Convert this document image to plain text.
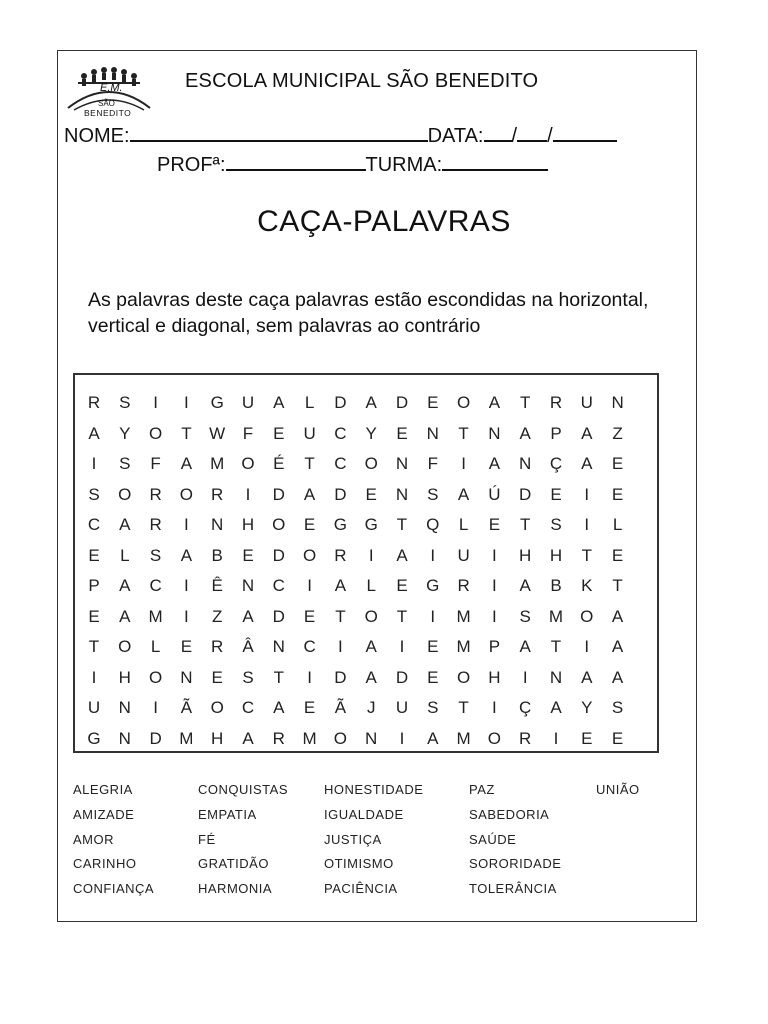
E.M.
SÃO
BENEDITO
ESCOLA MUNICIPAL SÃO BENEDITO
NOME:	DATA: / /
PROFª:	TURMA:
CAÇA-PALAVRAS
As palavras deste caça palavras estão escondidas na horizontal, vertical e diagonal, sem palavras ao contrário
R S	I	I	G U A	L	D A D E O A T R U N
A Y O T W F E U C Y E N T N A P A Z
I	S F A M O É T C O N F	I	A N Ç A E
S O R O R	I	D A D E N S A Ú D E	I	E
C A R	I	N H O E G G T Q	L	E T S	I	L
E	L	S A B E D O R	I	A	I	U	I	H H T E
P A C	I	Ê N C	I	A	L	E G R	I	A B K T
E A M	I	Z A D E T O T	I	M	I	S M O A
T O	L	E R Â N C	I	A	I	E M P A T	I	A
I	H O N E S T	I	D A D E O H	I	N A A
U N	I	Ã O C A E Ã	J	U S T	I	Ç A Y S
G N D M H A R M O N	I	A M O R	I	E E
ALEGRIA
AMIZADE
AMOR
CARINHO
CONFIANÇA
CONQUISTAS
EMPATIA
FÉ
GRATIDÃO
HARMONIA
HONESTIDADE
IGUALDADE
JUSTIÇA
OTIMISMO
PACIÊNCIA
PAZ
SABEDORIA
SAÚDE
SORORIDADE
TOLERÂNCIA
UNIÃO
